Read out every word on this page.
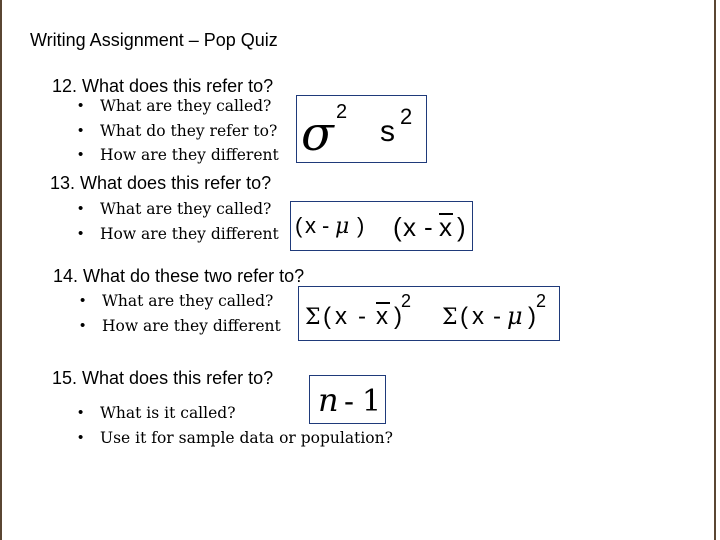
Writing Assignment – Pop Quiz
12. What does this refer to?
• What are they called?
• What do they refer to?
• How are they different σ 2
s 2
13. What does this refer to?
• What are they called?
• How are they different ( x - μ ) ( x - x )
14. What do these two refer to?
• What are they called?
• How are they different Σ ( x - x )
2
Σ ( x - μ )
2
15. What does this refer to?
• What is it called?
• Use it for sample data or population?
n - 1
